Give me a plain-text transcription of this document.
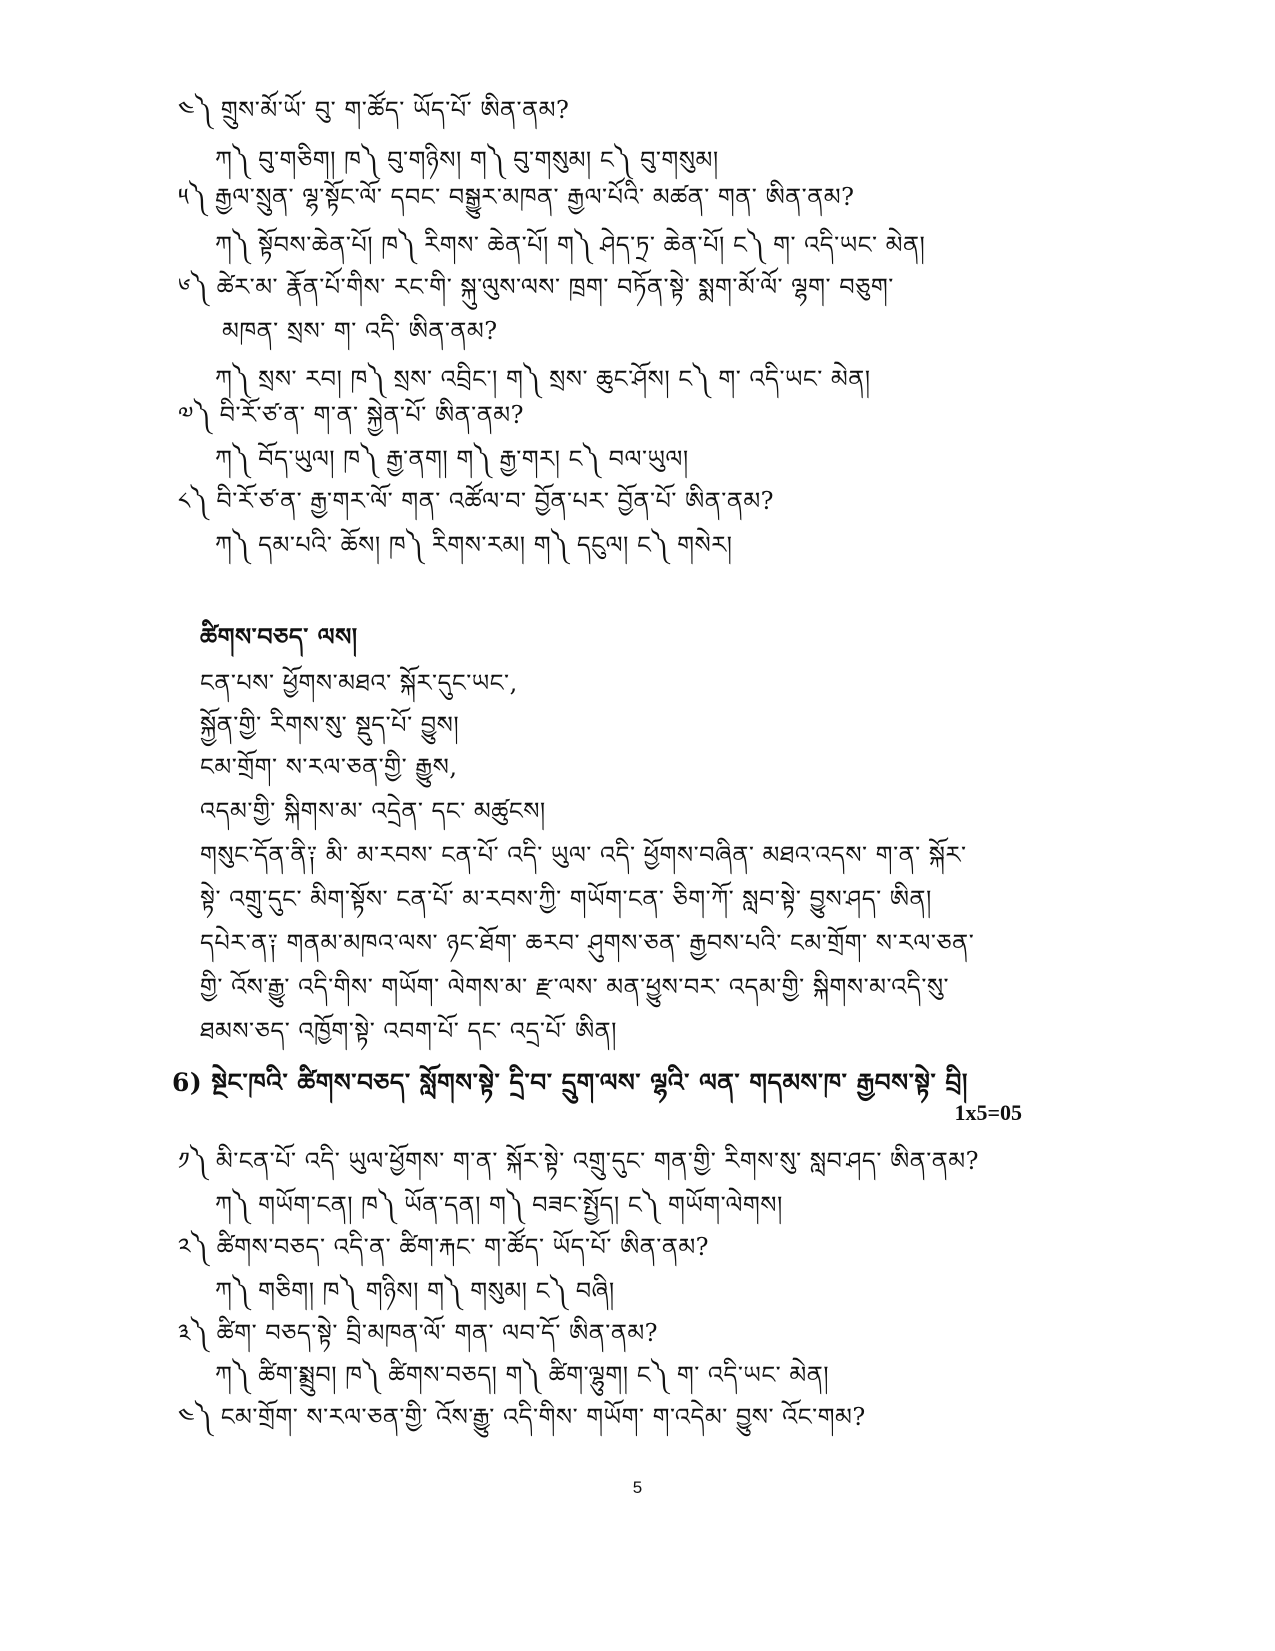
༤༽ གྲུས་མོ་ཡོ་ བུ་ ག་ཚོད་ ཡོད་པོ་ ཨིན་ནམ?
ཀ༽ བུ་གཅིག། ཁ༽ བུ་གཉིས། ག༽ བུ་གསུམ། ང༽ བུ་གསུམ།
༥༽ རྒྱལ་སྲུན་ ལྷ་སྟོང་ལོ་ དབང་ བསྒྱུར་མཁན་ རྒྱལ་པོའི་ མཚན་ གན་ ཨིན་ནམ?
ཀ༽ སྟོབས་ཆེན་པོ། ཁ༽ རིགས་ ཆེན་པོ། ག༽ ཤེད་ཏྲ་ ཆེན་པོ། ང༽ ག་ འདི་ཡང་ མེན།
༦༽ ཚེར་མ་ རྣོན་པོ་གིས་ རང་གི་ སྐུ་ལུས་ལས་ ཁྲག་ བཏོན་སྟེ་ སྨག་མོ་ལོ་ ལྷག་ བཅུག་
མཁན་ སྲས་ ག་ འདི་ ཨིན་ནམ?
ཀ༽ སྲས་ རབ། ཁ༽ སྲས་ འབྲིང་། ག༽ སྲས་ ཆུང་ཤོས། ང༽ ག་ འདི་ཡང་ མེན།
༧༽ བི་རོ་ཙ་ན་ ག་ན་ སྐྱེན་པོ་ ཨིན་ནམ?
ཀ༽ བོད་ཡུལ། ཁ༽ རྒྱ་ནག། ག༽ རྒྱ་གར། ང༽ བལ་ཡུལ།
༨༽ བི་རོ་ཙ་ན་ རྒྱ་གར་ལོ་ གན་ འཚོལ་བ་ བྱོན་པར་ བྱོན་པོ་ ཨིན་ནམ?
ཀ༽ དམ་པའི་ ཆོས། ཁ༽ རིགས་རམ། ག༽ དངུལ། ང༽ གསེར།
ཚིགས་བཅད་ ལས།
ངན་པས་ ཕྱོགས་མཐའ་ སྐོར་དུང་ཡང་,
སྐྱོན་གྱི་ རིགས་སུ་ སྡུད་པོ་ བྱུས།
ངམ་གྲོག་ ས་རལ་ཅན་གྱི་ རྒྱུས,
འདམ་གྱི་ སྐིགས་མ་ འདྲེན་ དང་ མཚུངས།
གསུང་དོན་ནི༑ མི་ མ་རབས་ ངན་པོ་ འདི་ ཡུལ་ འདི་ ཕྱོགས་བཞིན་ མཐའ་འདས་ ག་ན་ སྐོར་
སྟེ་ འགྲུ་དུང་ མིག་སྟོས་ ངན་པོ་ མ་རབས་ཀྱི་ གཡོག་ངན་ ཅིག་ཀོ་ སླབ་སྟེ་ བྱུས་ཤད་ ཨིན།
དཔེར་ན༑ གནམ་མཁའ་ལས་ ཉང་ཐོག་ ཆརབ་ ཤུགས་ཅན་ རྒྱབས་པའི་ ངམ་གྲོག་ ས་རལ་ཅན་
གྱི་ འོས་རྒྱུ་ འདི་གིས་ གཡོག་ ལེགས་མ་ རྫ་ལས་ མན་ཕྱུས་བར་ འདམ་གྱི་ སྐིགས་མ་འདི་སུ་
ཐམས་ཅད་ འཁྱོག་སྟེ་ འབག་པོ་ དང་ འདྲ་པོ་ ཨིན།
6) སྔེང་ཁའི་ ཚིགས་བཅད་ སློགས་སྟེ་ དྲི་བ་ དྲུག་ལས་ ལྷའི་ ལན་ གདམས་ཁ་ རྒྱབས་སྟེ་ བྲི།
1x5=05
༡༽ མི་ངན་པོ་ འདི་ ཡུལ་ཕྱོགས་ ག་ན་ སྐོར་སྟེ་ འགྲུ་དུང་ གན་གྱི་ རིགས་སུ་ སླབ་ཤད་ ཨིན་ནམ?
ཀ༽ གཡོག་ངན། ཁ༽ ཡོན་དན། ག༽ བཟང་སྤྱོད། ང༽ གཡོག་ལེགས།
༢༽ ཚིགས་བཅད་ འདི་ན་ ཚིག་རྐང་ ག་ཚོད་ ཡོད་པོ་ ཨིན་ནམ?
ཀ༽ གཅིག། ཁ༽ གཉིས། ག༽ གསུམ། ང༽ བཞི།
༣༽ ཚིག་ བཅད་སྟེ་ བྲི་མཁན་ལོ་ གན་ ལབ་དོ་ ཨིན་ནམ?
ཀ༽ ཚིག་སྨྲུབ། ཁ༽ ཚིགས་བཅད། ག༽ ཚིག་ལྷུག། ང༽ ག་ འདི་ཡང་ མེན།
༤༽ ངམ་གྲོག་ ས་རལ་ཅན་གྱི་ འོས་རྒྱུ་ འདི་གིས་ གཡོག་ ག་འདེམ་ བྱུས་ འོང་གམ?
5
